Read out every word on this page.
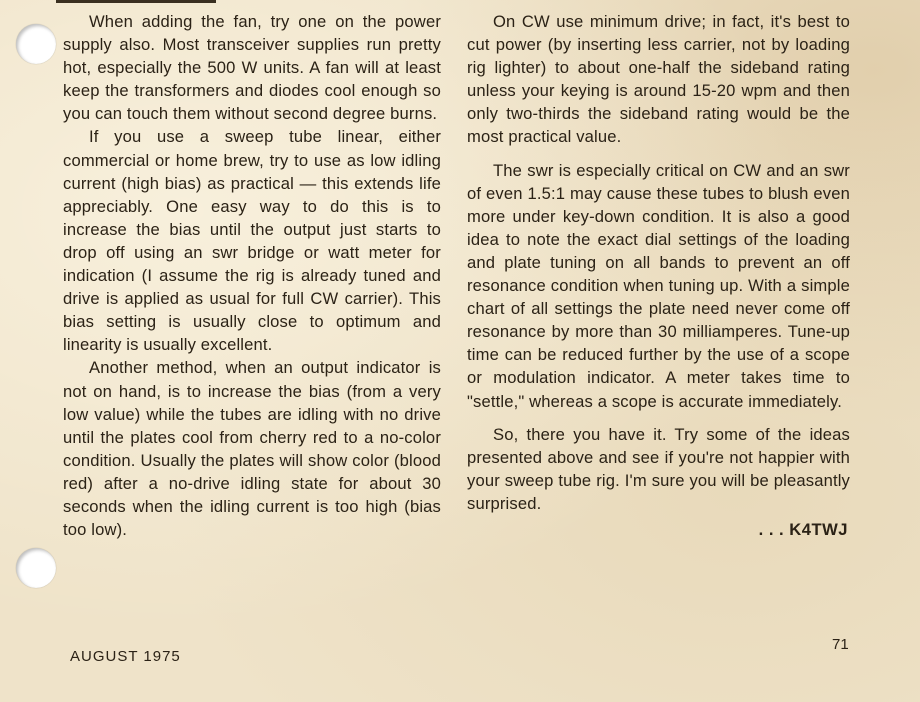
When adding the fan, try one on the power supply also. Most transceiver supplies run pretty hot, especially the 500 W units. A fan will at least keep the transformers and diodes cool enough so you can touch them without second degree burns.

If you use a sweep tube linear, either commercial or home brew, try to use as low idling current (high bias) as practical — this extends life appreciably. One easy way to do this is to increase the bias until the output just starts to drop off using an swr bridge or watt meter for indication (I assume the rig is already tuned and drive is applied as usual for full CW carrier). This bias setting is usually close to optimum and linearity is usually excellent.

Another method, when an output indicator is not on hand, is to increase the bias (from a very low value) while the tubes are idling with no drive until the plates cool from cherry red to a no-color condition. Usually the plates will show color (blood red) after a no-drive idling state for about 30 seconds when the idling current is too high (bias too low).

On CW use minimum drive; in fact, it's best to cut power (by inserting less carrier, not by loading rig lighter) to about one-half the sideband rating unless your keying is around 15-20 wpm and then only two-thirds the sideband rating would be the most practical value.

The swr is especially critical on CW and an swr of even 1.5:1 may cause these tubes to blush even more under key-down condition. It is also a good idea to note the exact dial settings of the loading and plate tuning on all bands to prevent an off resonance condition when tuning up. With a simple chart of all settings the plate need never come off resonance by more than 30 milliamperes. Tune-up time can be reduced further by the use of a scope or modulation indicator. A meter takes time to "settle," whereas a scope is accurate immediately.

So, there you have it. Try some of the ideas presented above and see if you're not happier with your sweep tube rig. I'm sure you will be pleasantly surprised.

. . . K4TWJ
AUGUST 1975
71
